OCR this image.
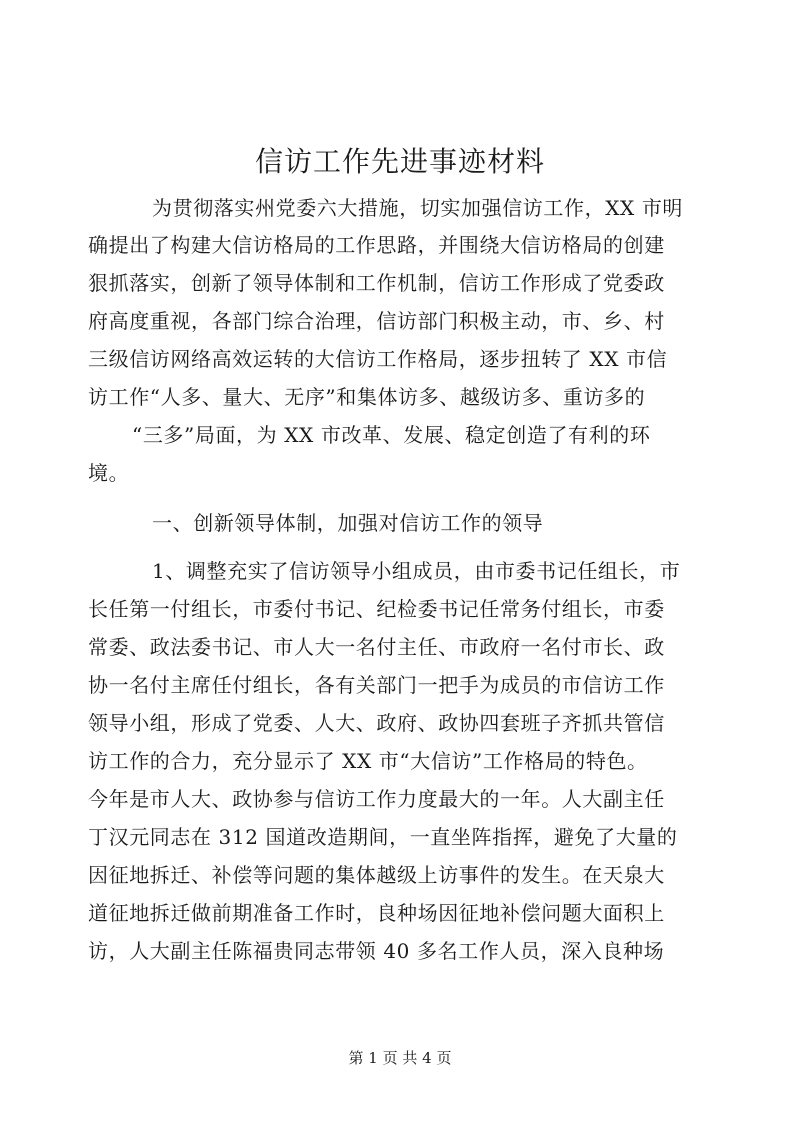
信访工作先进事迹材料

为贯彻落实州党委六大措施，切实加强信访工作，XX 市明

确提出了构建大信访格局的工作思路，并围绕大信访格局的创建

狠抓落实，创新了领导体制和工作机制，信访工作形成了党委政

府高度重视，各部门综合治理，信访部门积极主动，市、乡、村

三级信访网络高效运转的大信访工作格局，逐步扭转了 XX 市信

访工作“人多、量大、无序”和集体访多、越级访多、重访多的

“三多”局面，为 XX 市改革、发展、稳定创造了有利的环

境。

一、创新领导体制，加强对信访工作的领导

1、调整充实了信访领导小组成员，由市委书记任组长，市

长任第一付组长，市委付书记、纪检委书记任常务付组长，市委

常委、政法委书记、市人大一名付主任、市政府一名付市长、政

协一名付主席任付组长，各有关部门一把手为成员的市信访工作

领导小组，形成了党委、人大、政府、政协四套班子齐抓共管信

访工作的合力，充分显示了 XX 市“大信访”工作格局的特色。

今年是市人大、政协参与信访工作力度最大的一年。人大副主任

丁汉元同志在 312 国道改造期间，一直坐阵指挥，避免了大量的

因征地拆迁、补偿等问题的集体越级上访事件的发生。在天泉大

道征地拆迁做前期准备工作时，良种场因征地补偿问题大面积上

访，人大副主任陈福贵同志带领 40 多名工作人员，深入良种场

第 1 页 共 4 页
